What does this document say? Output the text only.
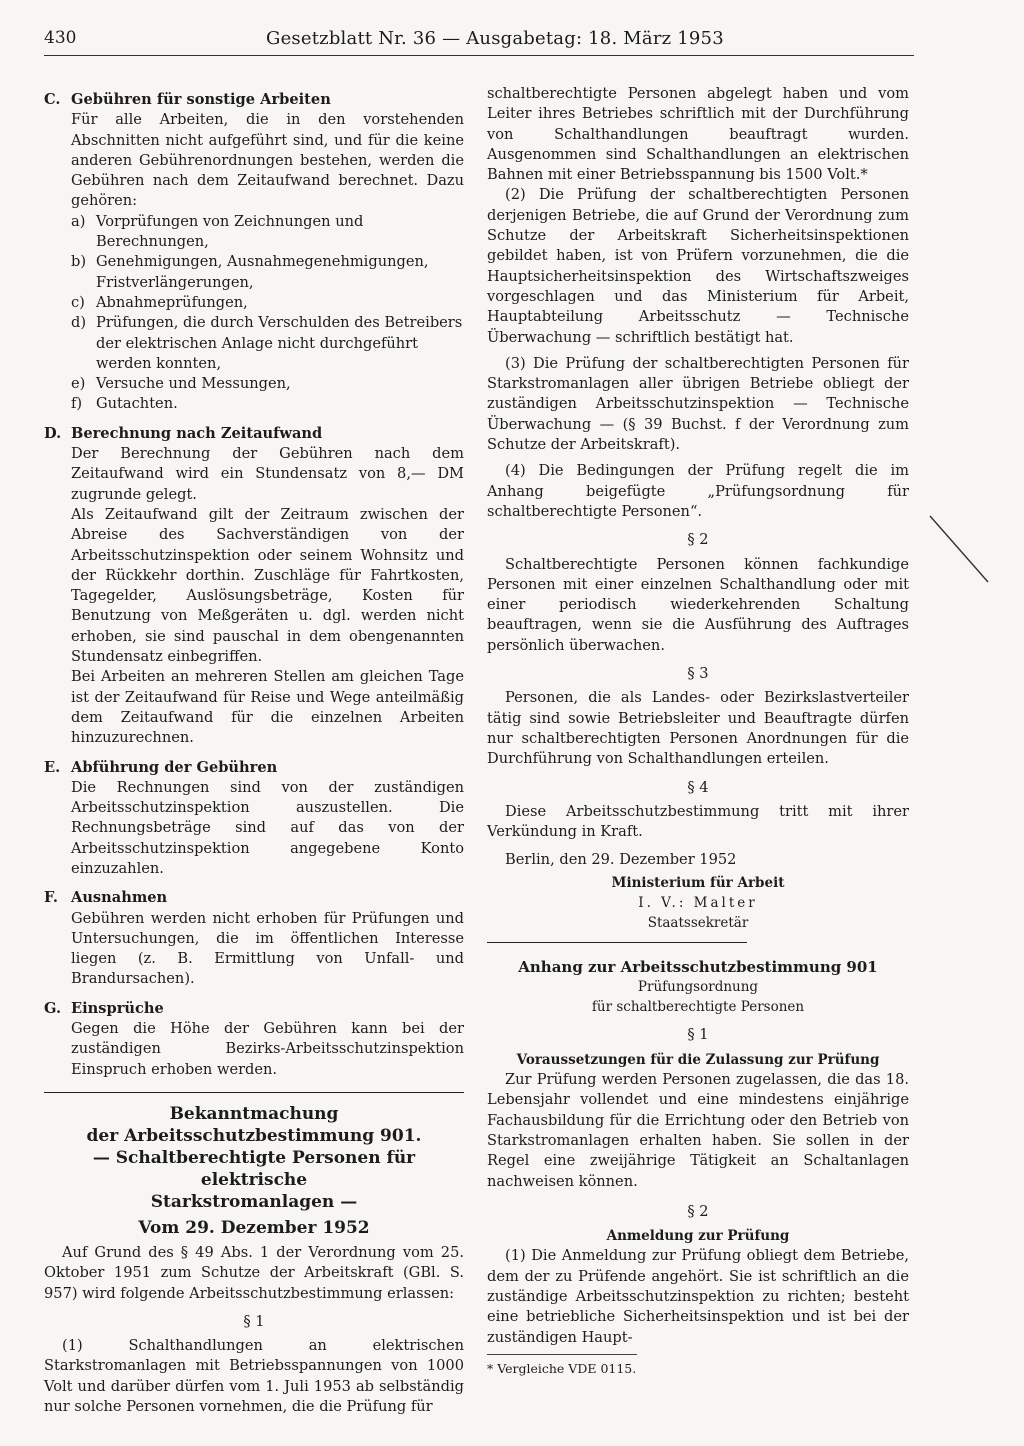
430	Gesetzblatt Nr. 36 — Ausgabetag: 18. März 1953
C. Gebühren für sonstige Arbeiten

Für alle Arbeiten, die in den vorstehenden Abschnitten nicht aufgeführt sind, und für die keine anderen Gebührenordnungen bestehen, werden die Gebühren nach dem Zeitaufwand berechnet. Dazu gehören:

a) Vorprüfungen von Zeichnungen und Berechnungen,
b) Genehmigungen, Ausnahmegenehmigungen, Fristverlängerungen,
c) Abnahmeprüfungen,
d) Prüfungen, die durch Verschulden des Betreibers der elektrischen Anlage nicht durchgeführt werden konnten,
e) Versuche und Messungen,
f) Gutachten.
D. Berechnung nach Zeitaufwand

Der Berechnung der Gebühren nach dem Zeitaufwand wird ein Stundensatz von 8,— DM zugrunde gelegt.

Als Zeitaufwand gilt der Zeitraum zwischen der Abreise des Sachverständigen von der Arbeitsschutzinspektion oder seinem Wohnsitz und der Rückkehr dorthin. Zuschläge für Fahrtkosten, Tagegelder, Auslösungsbeträge, Kosten für Benutzung von Meßgeräten u. dgl. werden nicht erhoben, sie sind pauschal in dem obengenannten Stundensatz einbegriffen.

Bei Arbeiten an mehreren Stellen am gleichen Tage ist der Zeitaufwand für Reise und Wege anteilmäßig dem Zeitaufwand für die einzelnen Arbeiten hinzuzurechnen.

E. Abführung der Gebühren

Die Rechnungen sind von der zuständigen Arbeitsschutzinspektion auszustellen. Die Rechnungsbeträge sind auf das von der Arbeitsschutzinspektion angegebene Konto einzuzahlen.

F. Ausnahmen

Gebühren werden nicht erhoben für Prüfungen und Untersuchungen, die im öffentlichen Interesse liegen (z. B. Ermittlung von Unfall- und Brandursachen).

G. Einsprüche

Gegen die Höhe der Gebühren kann bei der zuständigen Bezirks-Arbeitsschutzinspektion Einspruch erhoben werden.

Bekanntmachung
der Arbeitsschutzbestimmung 901.
— Schaltberechtigte Personen für elektrische
Starkstromanlagen —
Vom 29. Dezember 1952

Auf Grund des § 49 Abs. 1 der Verordnung vom 25. Oktober 1951 zum Schutze der Arbeitskraft (GBl. S. 957) wird folgende Arbeitsschutzbestimmung erlassen:

§ 1

(1) Schalthandlungen an elektrischen Starkstromanlagen mit Betriebsspannungen von 1000 Volt und darüber dürfen vom 1. Juli 1953 ab selbständig nur solche Personen vornehmen, die die Prüfung für

schaltberechtigte Personen abgelegt haben und vom Leiter ihres Betriebes schriftlich mit der Durchführung von Schalthandlungen beauftragt wurden. Ausgenommen sind Schalthandlungen an elektrischen Bahnen mit einer Betriebsspannung bis 1500 Volt.*

(2) Die Prüfung der schaltberechtigten Personen derjenigen Betriebe, die auf Grund der Verordnung zum Schutze der Arbeitskraft Sicherheitsinspektionen gebildet haben, ist von Prüfern vorzunehmen, die die Hauptsicherheitsinspektion des Wirtschaftszweiges vorgeschlagen und das Ministerium für Arbeit, Hauptabteilung Arbeitsschutz — Technische Überwachung — schriftlich bestätigt hat.

(3) Die Prüfung der schaltberechtigten Personen für Starkstromanlagen aller übrigen Betriebe obliegt der zuständigen Arbeitsschutzinspektion — Technische Überwachung — (§ 39 Buchst. f der Verordnung zum Schutze der Arbeitskraft).

(4) Die Bedingungen der Prüfung regelt die im Anhang beigefügte „Prüfungsordnung für schaltberechtigte Personen“.

§ 2

Schaltberechtigte Personen können fachkundige Personen mit einer einzelnen Schalthandlung oder mit einer periodisch wiederkehrenden Schaltung beauftragen, wenn sie die Ausführung des Auftrages persönlich überwachen.

§ 3

Personen, die als Landes- oder Bezirkslastverteiler tätig sind sowie Betriebsleiter und Beauftragte dürfen nur schaltberechtigten Personen Anordnungen für die Durchführung von Schalthandlungen erteilen.

§ 4

Diese Arbeitsschutzbestimmung tritt mit ihrer Verkündung in Kraft.

Berlin, den 29. Dezember 1952

Ministerium für Arbeit
I. V.: Malter
Staatssekretär
Anhang zur Arbeitsschutzbestimmung 901
Prüfungsordnung
für schaltberechtigte Personen
§ 1
Voraussetzungen für die Zulassung zur Prüfung

Zur Prüfung werden Personen zugelassen, die das 18. Lebensjahr vollendet und eine mindestens einjährige Fachausbildung für die Errichtung oder den Betrieb von Starkstromanlagen erhalten haben. Sie sollen in der Regel eine zweijährige Tätigkeit an Schaltanlagen nachweisen können.

§ 2
Anmeldung zur Prüfung

(1) Die Anmeldung zur Prüfung obliegt dem Betriebe, dem der zu Prüfende angehört. Sie ist schriftlich an die zuständige Arbeitsschutzinspektion zu richten; besteht eine betriebliche Sicherheitsinspektion und ist bei der zuständigen Haupt-

* Vergleiche VDE 0115.
